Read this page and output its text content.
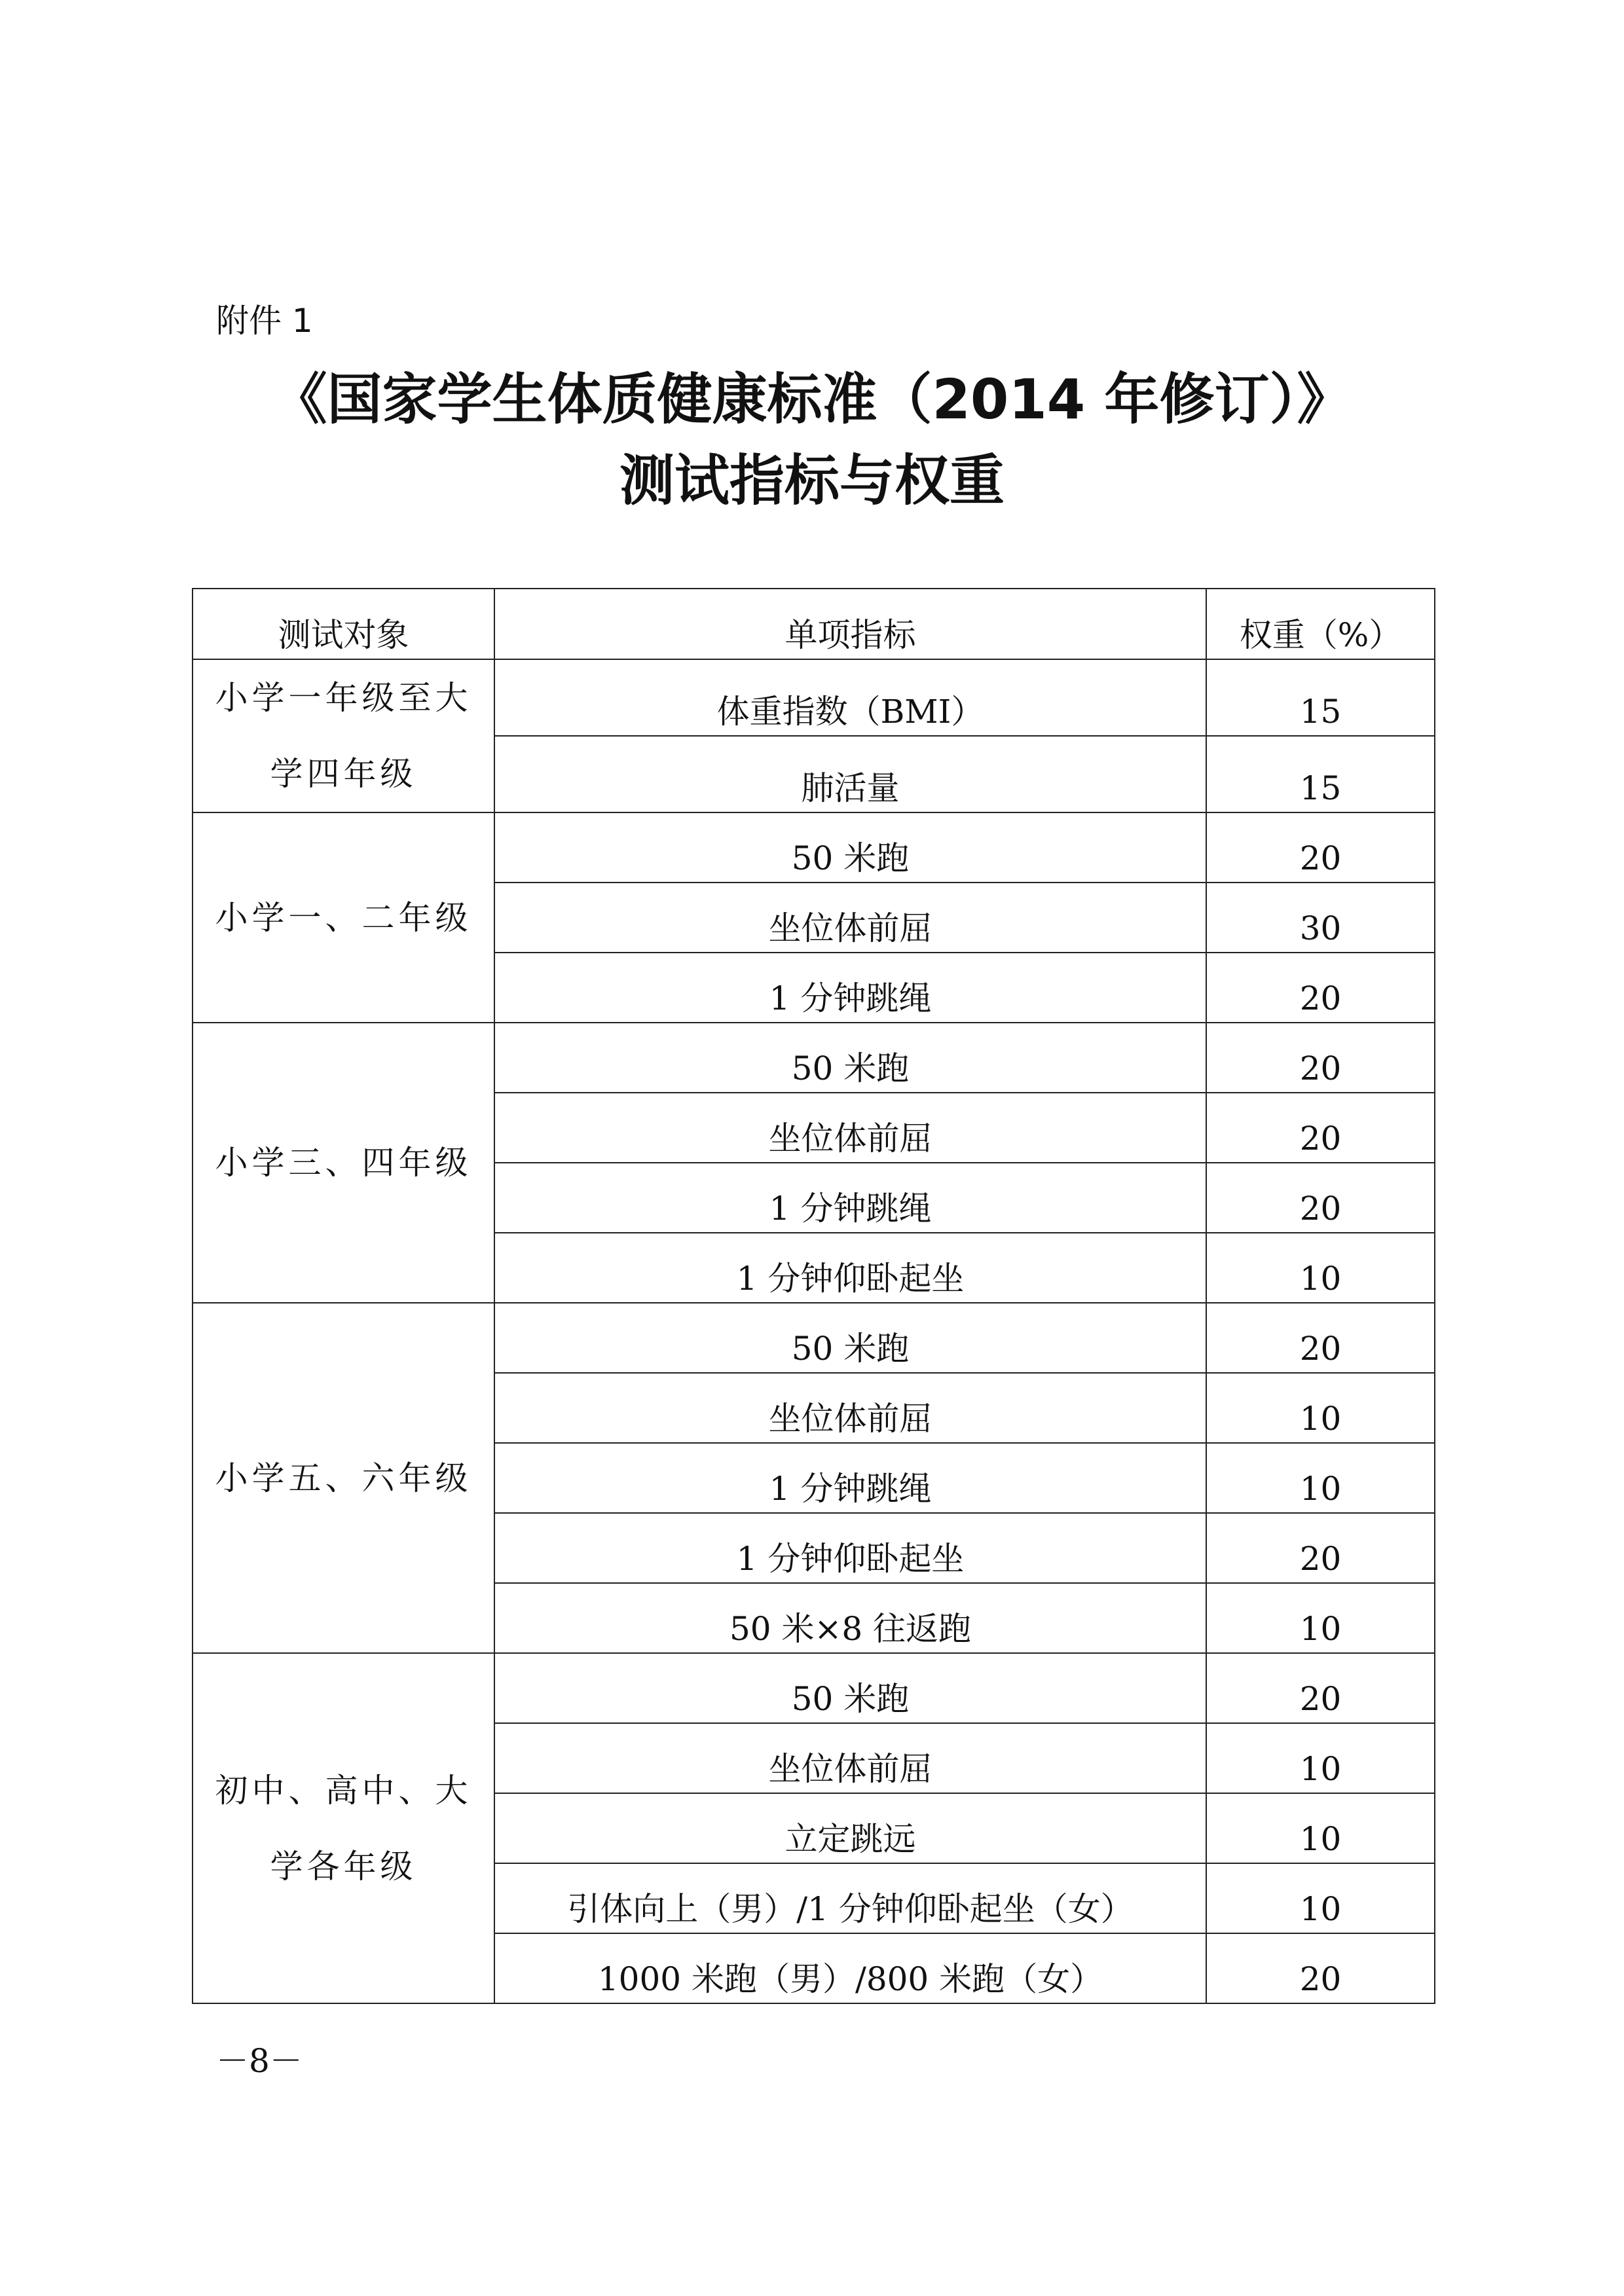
附件 1

《国家学生体质健康标准（2014 年修订）》
测试指标与权重
测试对象	单项指标	权重（%）
小学一年级至大学四年级	体重指数（BMI）	15
	肺活量	15
小学一、二年级	50 米跑	20
	坐位体前屈	30
	1 分钟跳绳	20
小学三、四年级	50 米跑	20
	坐位体前屈	20
	1 分钟跳绳	20
	1 分钟仰卧起坐	10
小学五、六年级	50 米跑	20
	坐位体前屈	10
	1 分钟跳绳	10
	1 分钟仰卧起坐	20
	50 米×8 往返跑	10
初中、高中、大学各年级	50 米跑	20
	坐位体前屈	10
	立定跳远	10
	引体向上（男）/1 分钟仰卧起坐（女）	10
	1000 米跑（男）/800 米跑（女）	20

－8－
